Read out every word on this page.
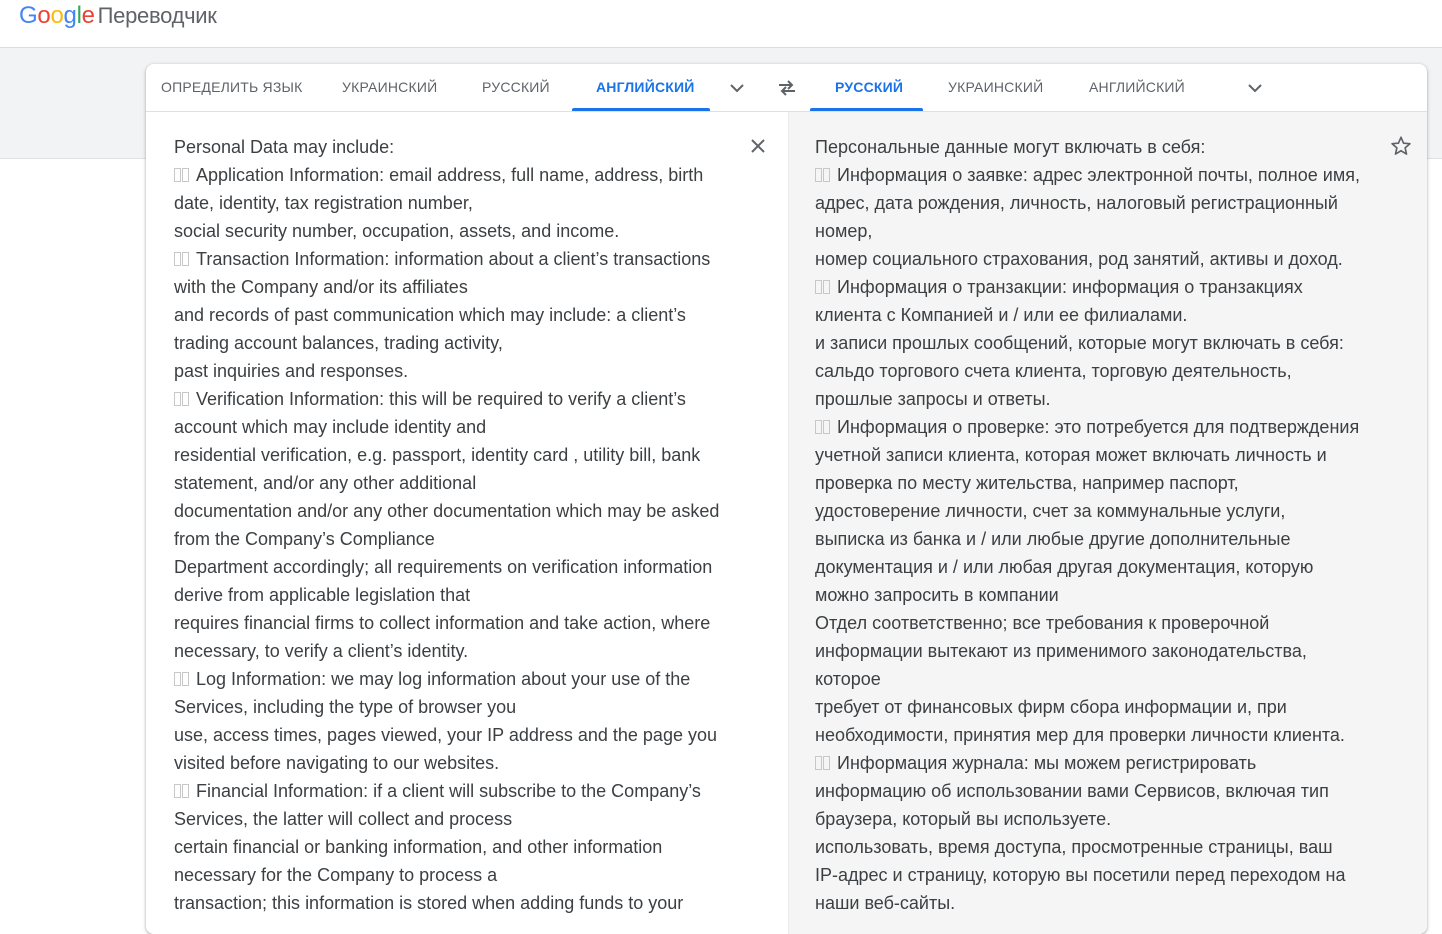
Google Переводчик
ОПРЕДЕЛИТЬ ЯЗЫК	УКРАИНСКИЙ	РУССКИЙ	АНГЛИЙСКИЙ	РУССКИЙ	УКРАИНСКИЙ	АНГЛИЙСКИЙ
Personal Data may include:
Application Information: email address, full name, address, birth
date, identity, tax registration number,
social security number, occupation, assets, and income.
Transaction Information: information about a client’s transactions
with the Company and/or its affiliates
and records of past communication which may include: a client’s
trading account balances, trading activity,
past inquiries and responses.
Verification Information: this will be required to verify a client’s
account which may include identity and
residential verification, e.g. passport, identity card , utility bill, bank
statement, and/or any other additional
documentation and/or any other documentation which may be asked
from the Company’s Compliance
Department accordingly; all requirements on verification information
derive from applicable legislation that
requires financial firms to collect information and take action, where
necessary, to verify a client’s identity.
Log Information: we may log information about your use of the
Services, including the type of browser you
use, access times, pages viewed, your IP address and the page you
visited before navigating to our websites.
Financial Information: if a client will subscribe to the Company’s
Services, the latter will collect and process
certain financial or banking information, and other information
necessary for the Company to process a
transaction; this information is stored when adding funds to your
Персональные данные могут включать в себя:
Информация о заявке: адрес электронной почты, полное имя,
адрес, дата рождения, личность, налоговый регистрационный
номер,
номер социального страхования, род занятий, активы и доход.
Информация о транзакции: информация о транзакциях
клиента с Компанией и / или ее филиалами.
и записи прошлых сообщений, которые могут включать в себя:
сальдо торгового счета клиента, торговую деятельность,
прошлые запросы и ответы.
Информация о проверке: это потребуется для подтверждения
учетной записи клиента, которая может включать личность и
проверка по месту жительства, например паспорт,
удостоверение личности, счет за коммунальные услуги,
выписка из банка и / или любые другие дополнительные
документация и / или любая другая документация, которую
можно запросить в компании
Отдел соответственно; все требования к проверочной
информации вытекают из применимого законодательства,
которое
требует от финансовых фирм сбора информации и, при
необходимости, принятия мер для проверки личности клиента.
Информация журнала: мы можем регистрировать
информацию об использовании вами Сервисов, включая тип
браузера, который вы используете.
использовать, время доступа, просмотренные страницы, ваш
IP-адрес и страницу, которую вы посетили перед переходом на
наши веб-сайты.
